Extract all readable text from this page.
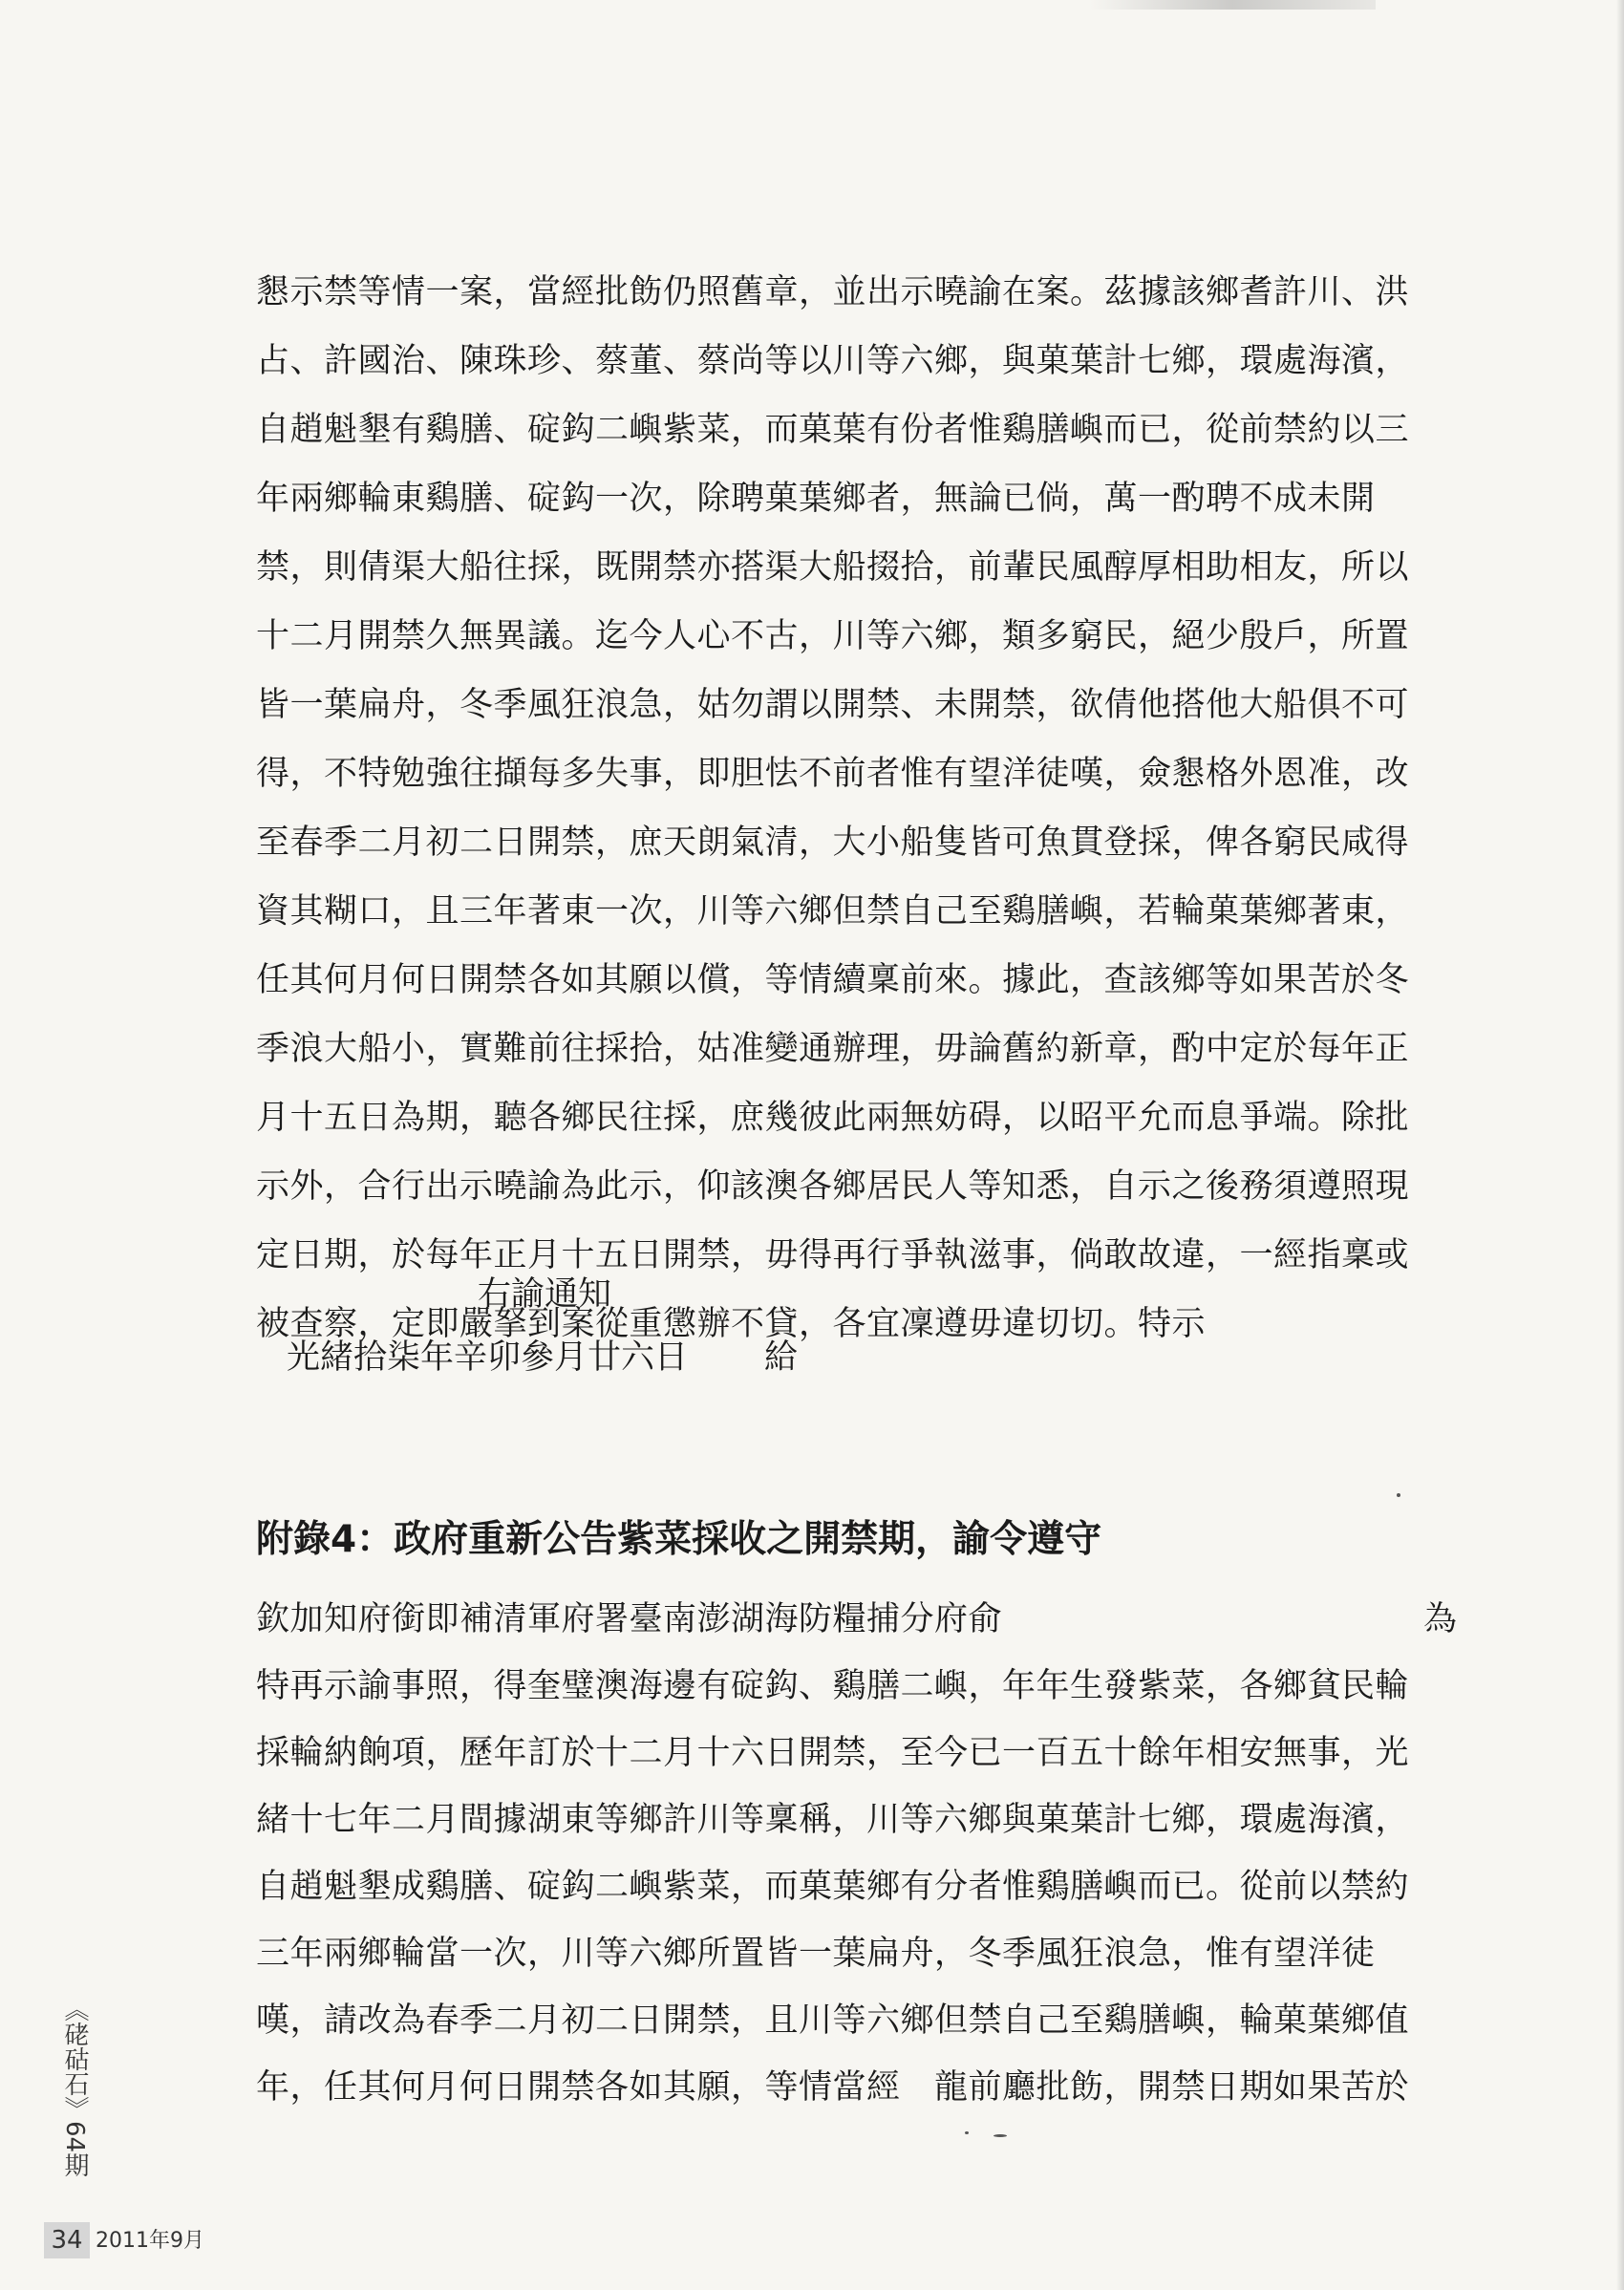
懇示禁等情一案，當經批飭仍照舊章，並出示曉諭在案。茲據該鄉耆許川、洪
占、許國治、陳珠珍、蔡董、蔡尚等以川等六鄉，與菓葉計七鄉，環處海濱，
自趙魁墾有鷄膳、碇鈎二嶼紫菜，而菓葉有份者惟鷄膳嶼而已，從前禁約以三
年兩鄉輪東鷄膳、碇鈎一次，除聘菓葉鄉者，無論已倘，萬一酌聘不成未開
禁，則倩渠大船往採，既開禁亦搭渠大船掇拾，前輩民風醇厚相助相友，所以
十二月開禁久無異議。迄今人心不古，川等六鄉，類多窮民，絕少殷戶，所置
皆一葉扁舟，冬季風狂浪急，姑勿謂以開禁、未開禁，欲倩他搭他大船俱不可
得，不特勉強往擷每多失事，即胆怯不前者惟有望洋徒嘆，僉懇格外恩准，改
至春季二月初二日開禁，庶天朗氣清，大小船隻皆可魚貫登採，俾各窮民咸得
資其糊口，且三年著東一次，川等六鄉但禁自己至鷄膳嶼，若輪菓葉鄉著東，
任其何月何日開禁各如其願以償，等情續稟前來。據此，查該鄉等如果苦於冬
季浪大船小，實難前往採拾，姑准變通辦理，毋論舊約新章，酌中定於每年正
月十五日為期，聽各鄉民往採，庶幾彼此兩無妨碍，以昭平允而息爭端。除批
示外，合行出示曉諭為此示，仰該澳各鄉居民人等知悉，自示之後務須遵照現
定日期，於每年正月十五日開禁，毋得再行爭執滋事，倘敢故違，一經指稟或
被查察，定即嚴拏到案從重懲辦不貸，各宜凜遵毋違切切。特示
右諭通知
光緒拾柒年辛卯參月廿六日 給
附錄4：政府重新公告紫菜採收之開禁期，諭令遵守
欽加知府銜即補清軍府署臺南澎湖海防糧捕分府俞	為
特再示諭事照，得奎璧澳海邊有碇鈎、鷄膳二嶼，年年生發紫菜，各鄉貧民輪
採輪納餉項，歷年訂於十二月十六日開禁，至今已一百五十餘年相安無事，光
緒十七年二月間據湖東等鄉許川等稟稱，川等六鄉與菓葉計七鄉，環處海濱，
自趙魁墾成鷄膳、碇鈎二嶼紫菜，而菓葉鄉有分者惟鷄膳嶼而已。從前以禁約
三年兩鄉輪當一次，川等六鄉所置皆一葉扁舟，冬季風狂浪急，惟有望洋徒
嘆，請改為春季二月初二日開禁，且川等六鄉但禁自己至鷄膳嶼，輪菓葉鄉值
年，任其何月何日開禁各如其願，等情當經　龍前廳批飭，開禁日期如果苦於
《硓𥑮石》64期
34 2011年9月
